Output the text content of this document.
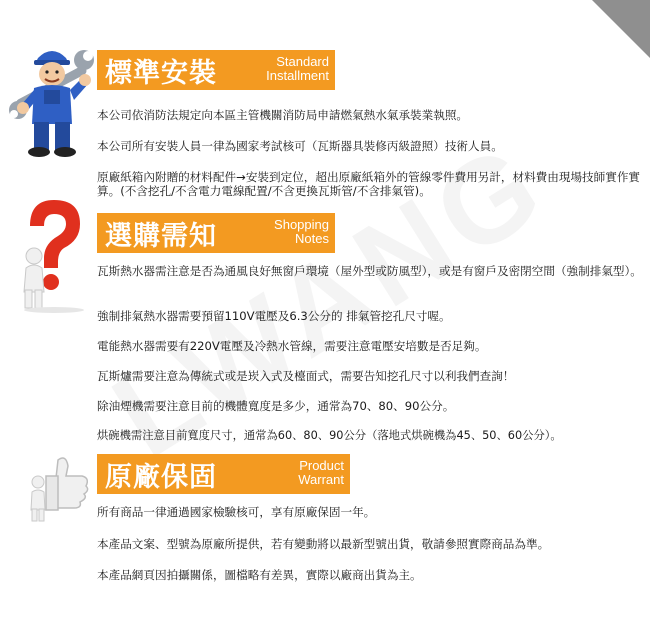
標準安裝	Standard
Installment
本公司依消防法規定向本區主管機關消防局申請燃氣熱水氣承裝業執照。
本公司所有安裝人員一律為國家考試核可（瓦斯器具裝修丙級證照）技術人員。
原廠紙箱內附贈的材料配件→安裝到定位，超出原廠紙箱外的管線零件費用另計，材料費由現場技師實作實算。(不含挖孔/不含電力電線配置/不含更換瓦斯管/不含排氣管)。
選購需知	Shopping
Notes
瓦斯熱水器需注意是否為通風良好無窗戶環境（屋外型或防風型），或是有窗戶及密閉空間（強制排氣型）。
強制排氣熱水器需要預留110V電壓及6.3公分的 排氣管挖孔尺寸喔。
電能熱水器需要有220V電壓及冷熱水管線，需要注意電壓安培數是否足夠。
瓦斯爐需要注意為傳統式或是崁入式及檯面式，需要告知挖孔尺寸以利我們查詢！
除油煙機需要注意目前的機體寬度是多少，通常為70、80、90公分。
烘碗機需注意目前寬度尺寸，通常為60、80、90公分（落地式烘碗機為45、50、60公分）。
原廠保固	Product
Warrant
所有商品一律通過國家檢驗核可，享有原廠保固一年。
本產品文案、型號為原廠所提供，若有變動將以最新型號出貨，敬請參照實際商品為準。
本產品網頁因拍攝關係，圖檔略有差異，實際以廠商出貨為主。
